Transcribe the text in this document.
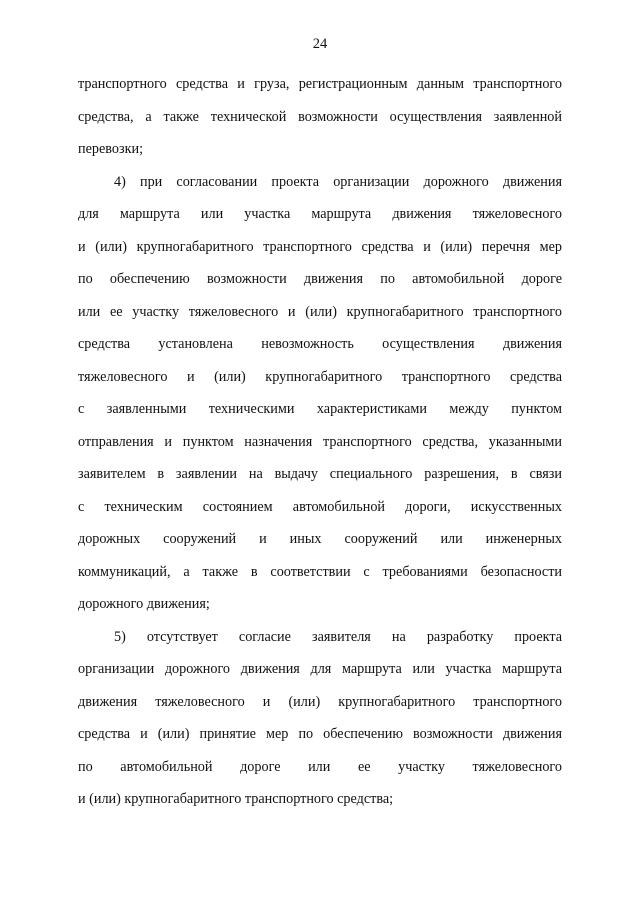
24
транспортного средства и груза, регистрационным данным транспортного
средства, а также технической возможности осуществления заявленной
перевозки;
4) при согласовании проекта организации дорожного движения
для маршрута или участка маршрута движения тяжеловесного
и (или) крупногабаритного транспортного средства и (или) перечня мер
по обеспечению возможности движения по автомобильной дороге
или ее участку тяжеловесного и (или) крупногабаритного транспортного
средства установлена невозможность осуществления движения
тяжеловесного и (или) крупногабаритного транспортного средства
с заявленными техническими характеристиками между пунктом
отправления и пунктом назначения транспортного средства, указанными
заявителем в заявлении на выдачу специального разрешения, в связи
с техническим состоянием автомобильной дороги, искусственных
дорожных сооружений и иных сооружений или инженерных
коммуникаций, а также в соответствии с требованиями безопасности
дорожного движения;
5) отсутствует согласие заявителя на разработку проекта
организации дорожного движения для маршрута или участка маршрута
движения тяжеловесного и (или) крупногабаритного транспортного
средства и (или) принятие мер по обеспечению возможности движения
по автомобильной дороге или ее участку тяжеловесного
и (или) крупногабаритного транспортного средства;
